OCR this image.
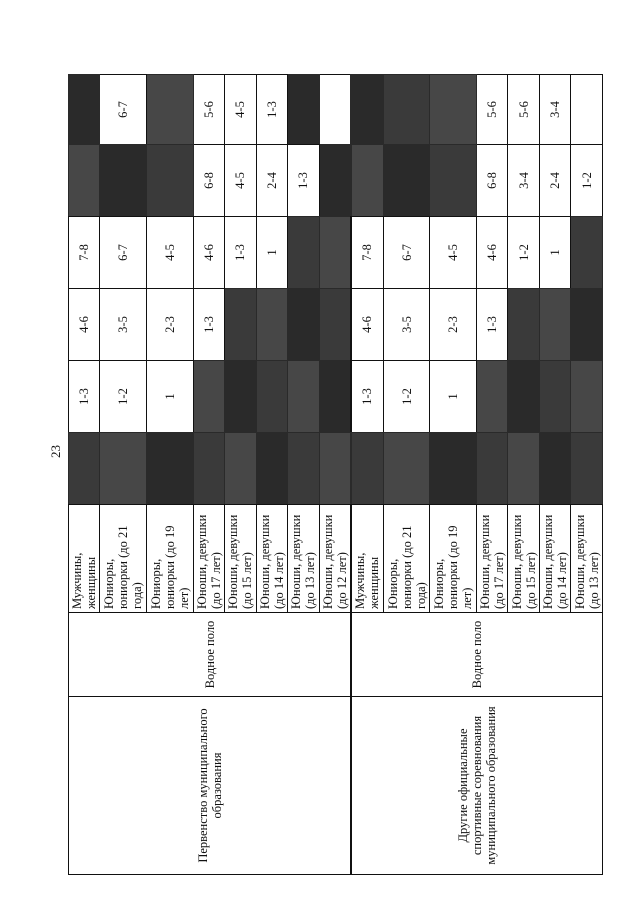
23
Первенство муниципального образования	Водное поло	Мужчины, женщины		1-3	4-6	7-8		
		Юниоры, юниорки (до 21 года)		1-2	3-5	6-7		6-7
		Юниоры, юниорки (до 19 лет)		1	2-3	4-5		
		Юноши, девушки (до 17 лет)			1-3	4-6	6-8	5-6
		Юноши, девушки (до 15 лет)				1-3	4-5	4-5
		Юноши, девушки (до 14 лет)				1	2-4	1-3
		Юноши, девушки (до 13 лет)					1-3	
		Юноши, девушки (до 12 лет)						
Другие официальные спортивные соревнования муниципального образования	Водное поло	Мужчины, женщины		1-3	4-6	7-8		
		Юниоры, юниорки (до 21 года)		1-2	3-5	6-7		
		Юниоры, юниорки (до 19 лет)		1	2-3	4-5		
		Юноши, девушки (до 17 лет)			1-3	4-6	6-8	5-6
		Юноши, девушки (до 15 лет)				1-2	3-4	5-6
		Юноши, девушки (до 14 лет)				1	2-4	3-4
		Юноши, девушки (до 13 лет)					1-2	
